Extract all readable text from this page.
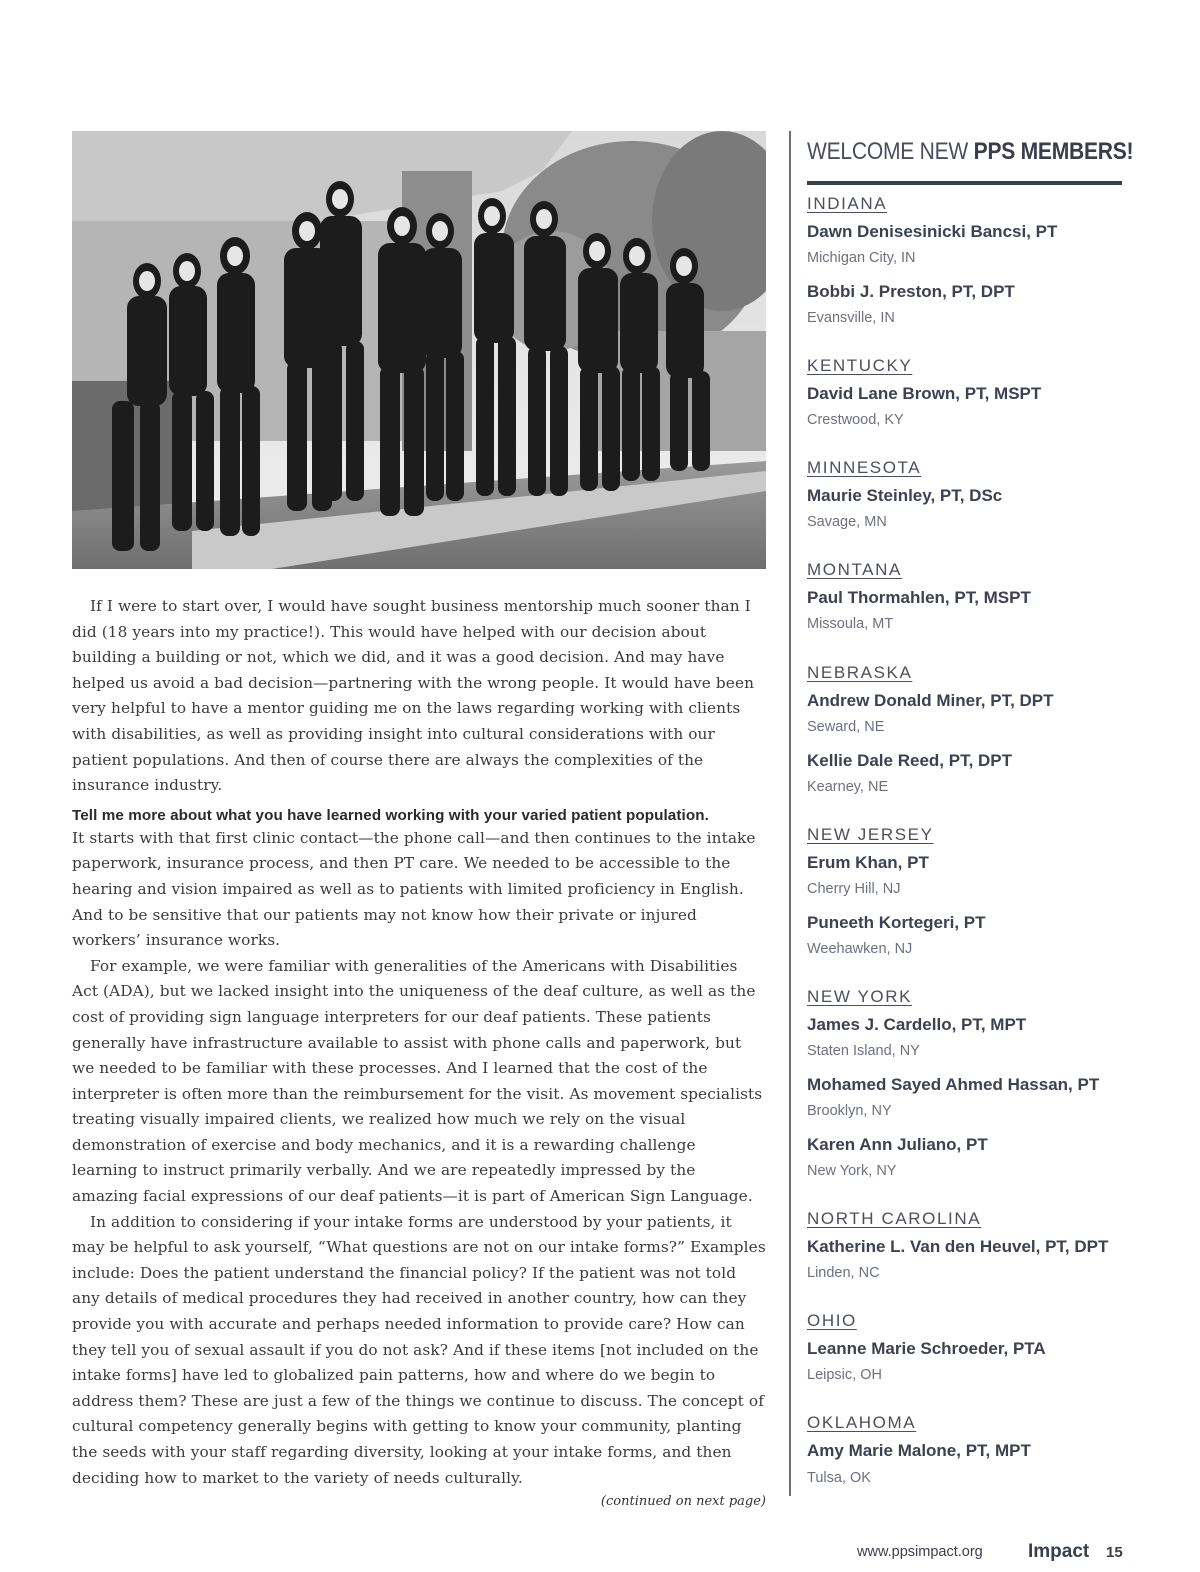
If I were to start over, I would have sought business mentorship much sooner than I did (18 years into my practice!). This would have helped with our decision about building a building or not, which we did, and it was a good decision. And may have helped us avoid a bad decision—partnering with the wrong people. It would have been very helpful to have a mentor guiding me on the laws regarding working with clients with disabilities, as well as providing insight into cultural considerations with our patient populations. And then of course there are always the complexities of the insurance industry.

Tell me more about what you have learned working with your varied patient population.

It starts with that first clinic contact—the phone call—and then continues to the intake paperwork, insurance process, and then PT care. We needed to be accessible to the hearing and vision impaired as well as to patients with limited proficiency in English. And to be sensitive that our patients may not know how their private or injured workers’ insurance works.

For example, we were familiar with generalities of the Americans with Disabilities Act (ADA), but we lacked insight into the uniqueness of the deaf culture, as well as the cost of providing sign language interpreters for our deaf patients. These patients generally have infrastructure available to assist with phone calls and paperwork, but we needed to be familiar with these processes. And I learned that the cost of the interpreter is often more than the reimbursement for the visit. As movement specialists treating visually impaired clients, we realized how much we rely on the visual demonstration of exercise and body mechanics, and it is a rewarding challenge learning to instruct primarily verbally. And we are repeatedly impressed by the amazing facial expressions of our deaf patients—it is part of American Sign Language.

In addition to considering if your intake forms are understood by your patients, it may be helpful to ask yourself, “What questions are not on our intake forms?” Examples include: Does the patient understand the financial policy? If the patient was not told any details of medical procedures they had received in another country, how can they provide you with accurate and perhaps needed information to provide care? How can they tell you of sexual assault if you do not ask? And if these items [not included on the intake forms] have led to globalized pain patterns, how and where do we begin to address them? These are just a few of the things we continue to discuss. The concept of cultural competency generally begins with getting to know your community, planting the seeds with your staff regarding diversity, looking at your intake forms, and then deciding how to market to the variety of needs culturally.

(continued on next page)
WELCOME NEW PPS MEMBERS!
INDIANA
Dawn Denisesinicki Bancsi, PT
Michigan City, IN
Bobbi J. Preston, PT, DPT
Evansville, IN
KENTUCKY
David Lane Brown, PT, MSPT
Crestwood, KY
MINNESOTA
Maurie Steinley, PT, DSc
Savage, MN
MONTANA
Paul Thormahlen, PT, MSPT
Missoula, MT
NEBRASKA
Andrew Donald Miner, PT, DPT
Seward, NE
Kellie Dale Reed, PT, DPT
Kearney, NE
NEW JERSEY
Erum Khan, PT
Cherry Hill, NJ
Puneeth Kortegeri, PT
Weehawken, NJ
NEW YORK
James J. Cardello, PT, MPT
Staten Island, NY
Mohamed Sayed Ahmed Hassan, PT
Brooklyn, NY
Karen Ann Juliano, PT
New York, NY
NORTH CAROLINA
Katherine L. Van den Heuvel, PT, DPT
Linden, NC
OHIO
Leanne Marie Schroeder, PTA
Leipsic, OH
OKLAHOMA
Amy Marie Malone, PT, MPT
Tulsa, OK
www.ppsimpact.org Impact 15
